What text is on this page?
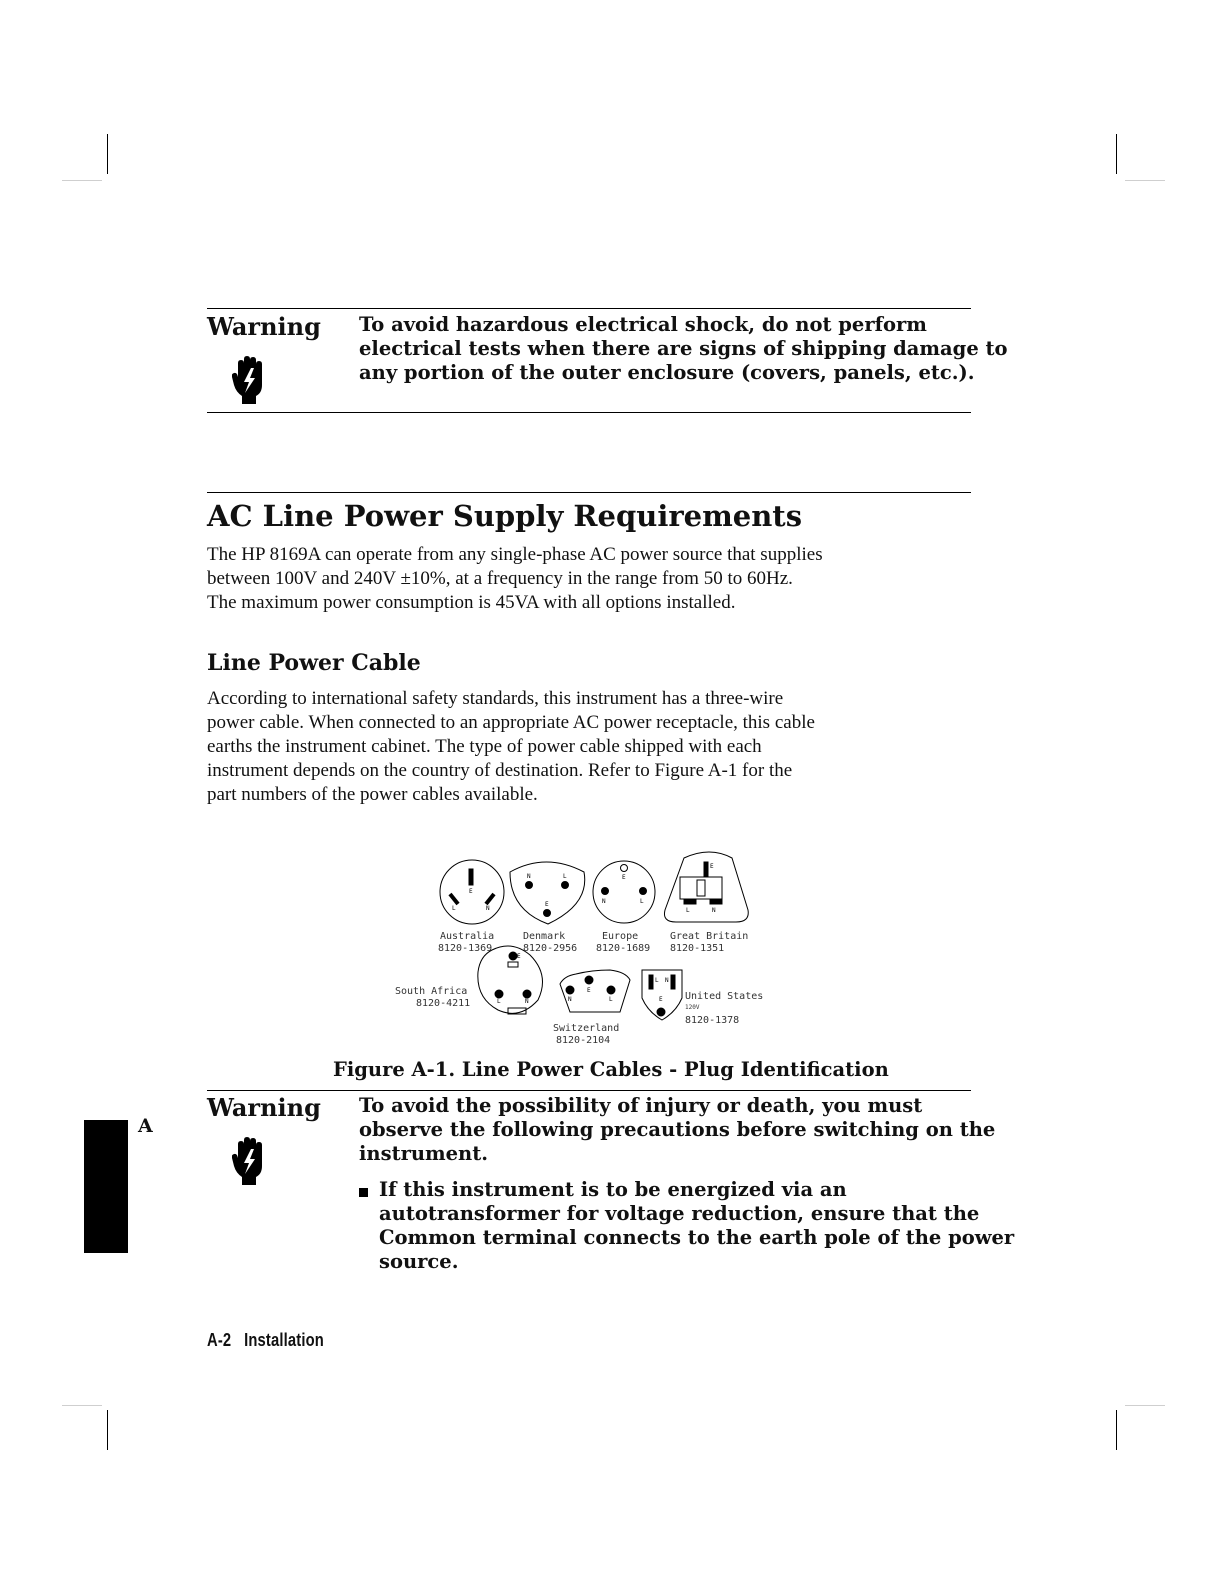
Warning To avoid hazardous electrical shock, do not perform
electrical tests when there are signs of shipping damage to
any portion of the outer enclosure (covers, panels, etc.).
AC Line Power Supply Requirements
The HP 8169A can operate from any single-phase AC power source that supplies
between 100V and 240V ±10%, at a frequency in the range from 50 to 60Hz.
The maximum power consumption is 45VA with all options installed.
Line Power Cable
According to international safety standards, this instrument has a three-wire
power cable. When connected to an appropriate AC power receptacle, this cable
earths the instrument cabinet. The type of power cable shipped with each
instrument depends on the country of destination. Refer to Figure A-1 for the
part numbers of the power cables available.
E
L	N
N	L
E
E
N	L
E
L	N
E
L	N
E
N	L
L N
E
Australia
8120-1369
Denmark
8120-2956
Europe
8120-1689
Great Britain
8120-1351
South Africa
8120-4211
Switzerland
8120-2104
United States
120V
8120-1378
Figure A-1. Line Power Cables - Plug Identification
Warning To avoid the possibility of injury or death, you must
observe the following precautions before switching on the
instrument.
If this instrument is to be energized via an
autotransformer for voltage reduction, ensure that the
Common terminal connects to the earth pole of the power
source.
A
A-2 Installation
